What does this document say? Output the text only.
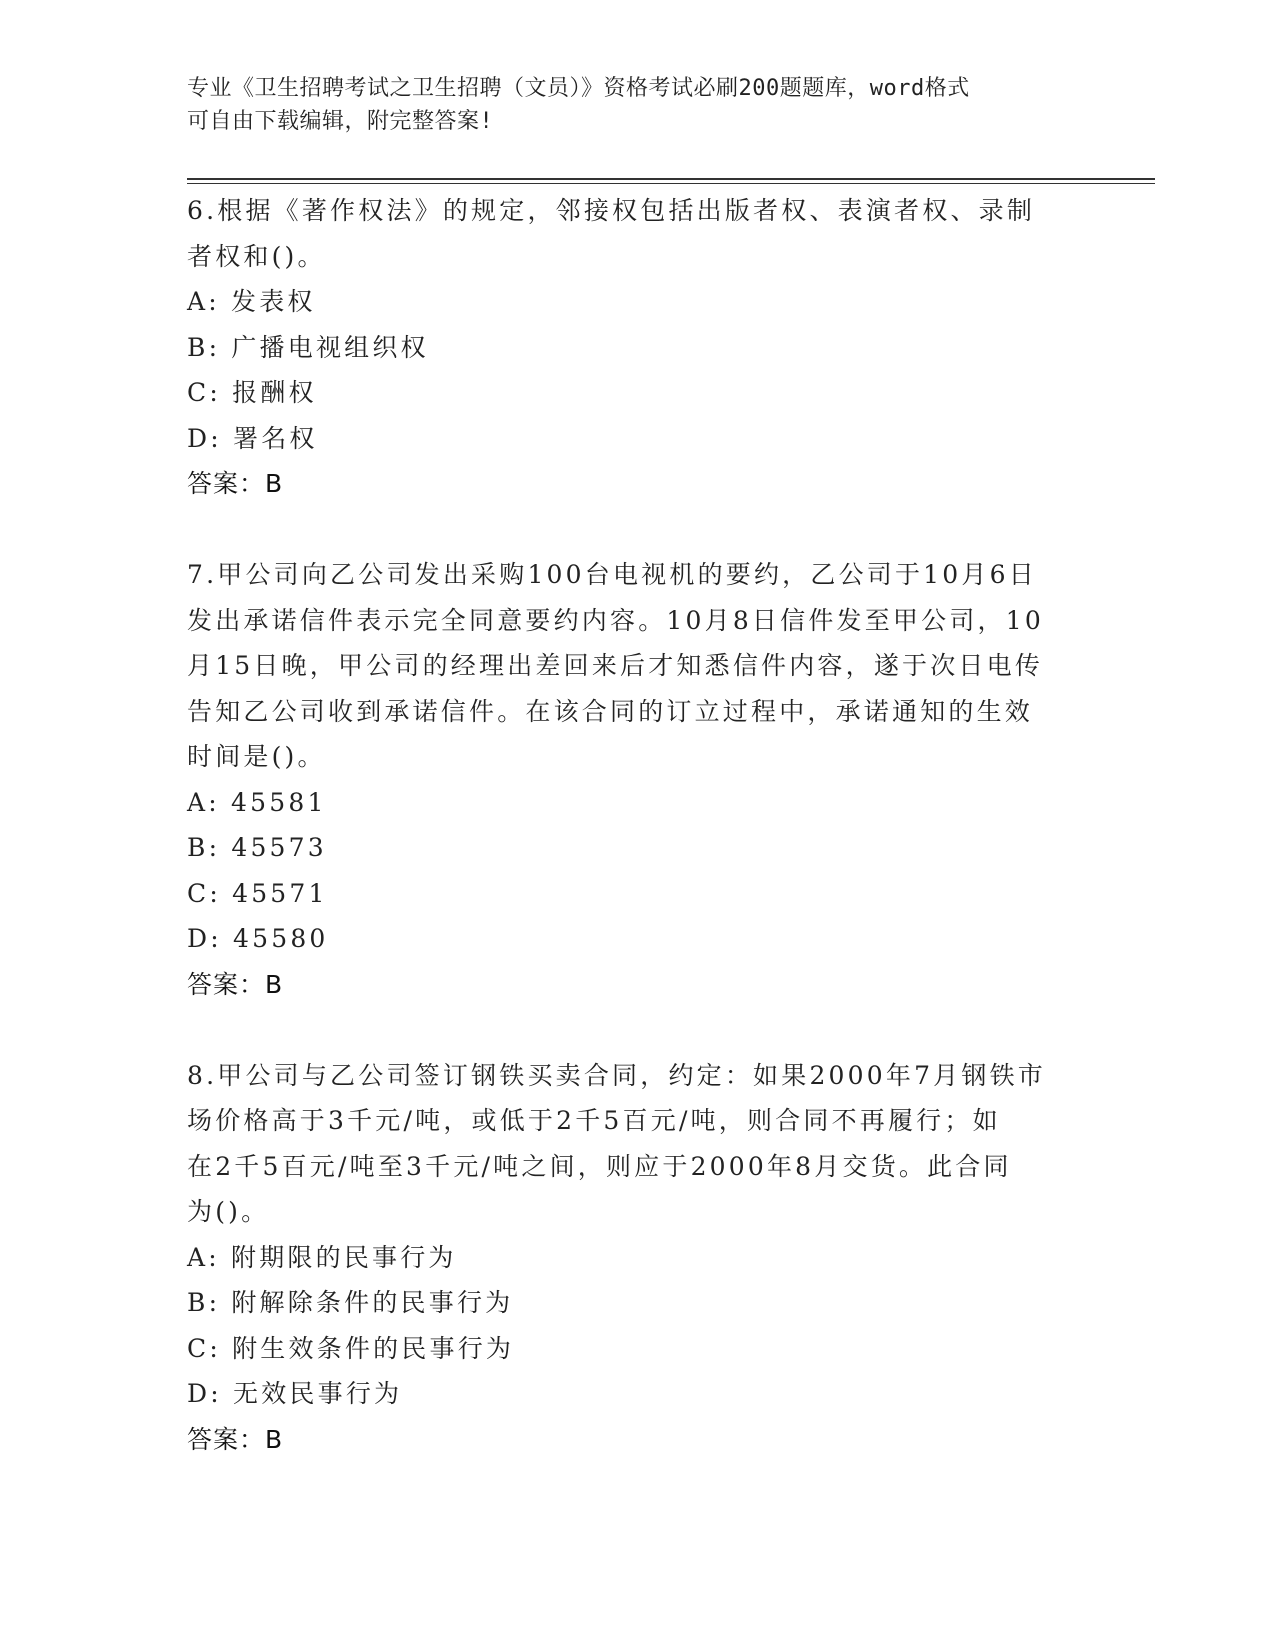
专业《卫生招聘考试之卫生招聘（文员）》资格考试必刷200题题库，word格式
可自由下载编辑，附完整答案!
6.根据《著作权法》的规定，邻接权包括出版者权、表演者权、录制
者权和()。
A: 发表权
B: 广播电视组织权
C: 报酬权
D: 署名权
答案：B
7.甲公司向乙公司发出采购100台电视机的要约，乙公司于10月6日
发出承诺信件表示完全同意要约内容。10月8日信件发至甲公司，10
月15日晚，甲公司的经理出差回来后才知悉信件内容，遂于次日电传
告知乙公司收到承诺信件。在该合同的订立过程中，承诺通知的生效
时间是()。
A: 45581
B: 45573
C: 45571
D: 45580
答案：B
8.甲公司与乙公司签订钢铁买卖合同，约定：如果2000年7月钢铁市
场价格高于3千元/吨，或低于2千5百元/吨，则合同不再履行；如
在2千5百元/吨至3千元/吨之间，则应于2000年8月交货。此合同
为()。
A: 附期限的民事行为
B: 附解除条件的民事行为
C: 附生效条件的民事行为
D: 无效民事行为
答案：B
